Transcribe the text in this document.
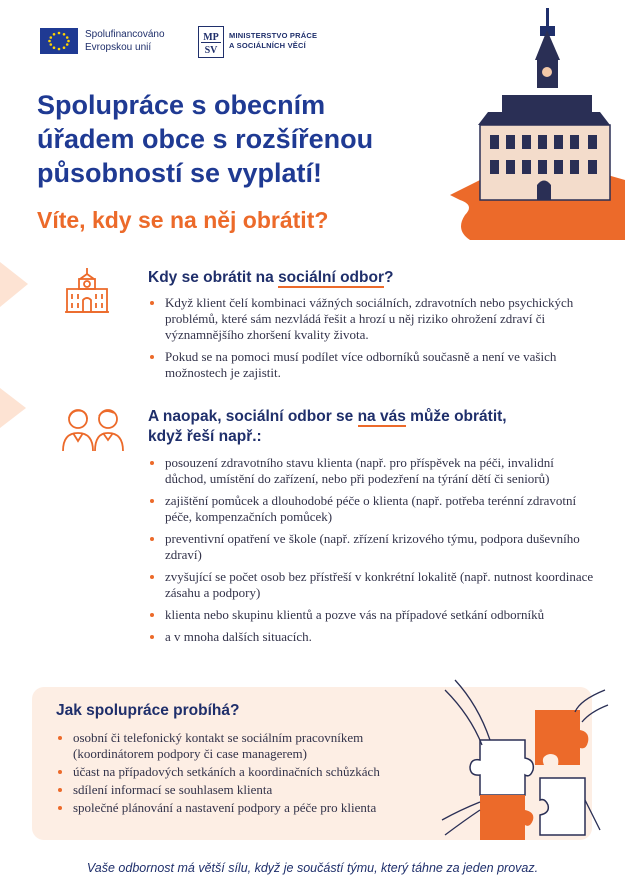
Spolufinancováno
Evropskou unií
MP
SV
MINISTERSTVO PRÁCE
A SOCIÁLNÍCH VĚCÍ
Spolupráce s obecním
úřadem obce s rozšířenou
působností se vyplatí!
Víte, kdy se na něj obrátit?
Kdy se obrátit na sociální odbor?
Když klient čelí kombinaci vážných sociálních, zdravotních nebo psychických problémů, které sám nezvládá řešit a hrozí u něj riziko ohrožení zdraví či významnějšího zhoršení kvality života.
Pokud se na pomoci musí podílet více odborníků současně a není ve vašich možnostech je zajistit.
A naopak, sociální odbor se na vás může obrátit,
když řeší např.:
posouzení zdravotního stavu klienta (např. pro příspěvek na péči, invalidní důchod, umístění do zařízení, nebo při podezření na týrání dětí či seniorů)
zajištění pomůcek a dlouhodobé péče o klienta (např. potřeba terénní zdravotní péče, kompenzačních pomůcek)
preventivní opatření ve škole (např. zřízení krizového týmu, podpora duševního zdraví)
zvyšující se počet osob bez přístřeší v konkrétní lokalitě (např. nutnost koordinace zásahu a podpory)
klienta nebo skupinu klientů a pozve vás na případové setkání odborníků
a v mnoha dalších situacích.
Jak spolupráce probíhá?
osobní či telefonický kontakt se sociálním pracovníkem (koordinátorem podpory či case managerem)
účast na případových setkáních a koordinačních schůzkách
sdílení informací se souhlasem klienta
společné plánování a nastavení podpory a péče pro klienta
Vaše odbornost má větší sílu, když je součástí týmu, který táhne za jeden provaz.
